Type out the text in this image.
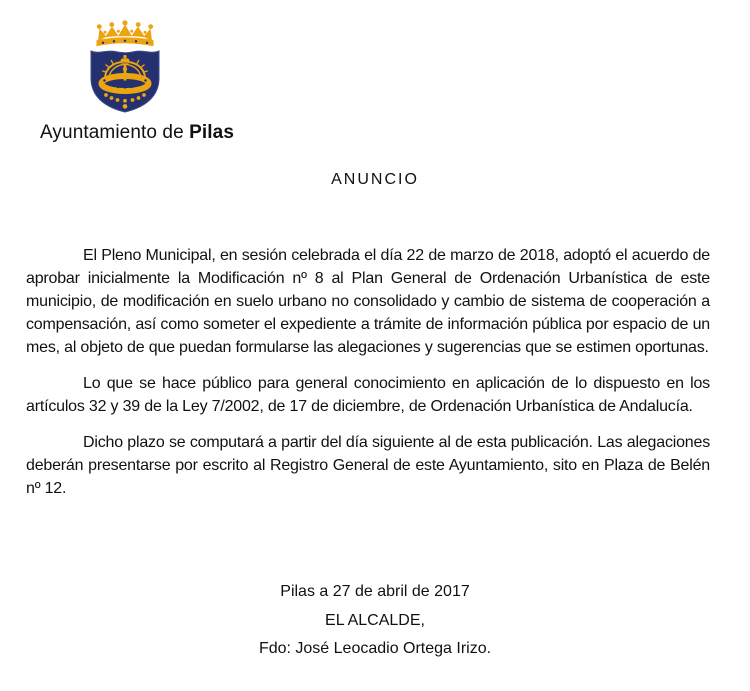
Ayuntamiento de Pilas
ANUNCIO

El Pleno Municipal, en sesión celebrada el día 22 de marzo de 2018, adoptó el acuerdo de aprobar inicialmente la Modificación nº 8 al Plan General de Ordenación Urbanística de este municipio, de modificación en suelo urbano no consolidado y cambio de sistema de cooperación a compensación, así como someter el expediente a trámite de información pública por espacio de un mes, al objeto de que puedan formularse las alegaciones y sugerencias que se estimen oportunas.

Lo que se hace público para general conocimiento en aplicación de lo dispuesto en los artículos 32 y 39 de la Ley 7/2002, de 17 de diciembre, de Ordenación Urbanística de Andalucía.

Dicho plazo se computará a partir del día siguiente al de esta publicación. Las alegaciones deberán presentarse por escrito al Registro General de este Ayuntamiento, sito en Plaza de Belén nº 12.

Pilas a 27 de abril de 2017

EL ALCALDE,

Fdo: José Leocadio Ortega Irizo.
